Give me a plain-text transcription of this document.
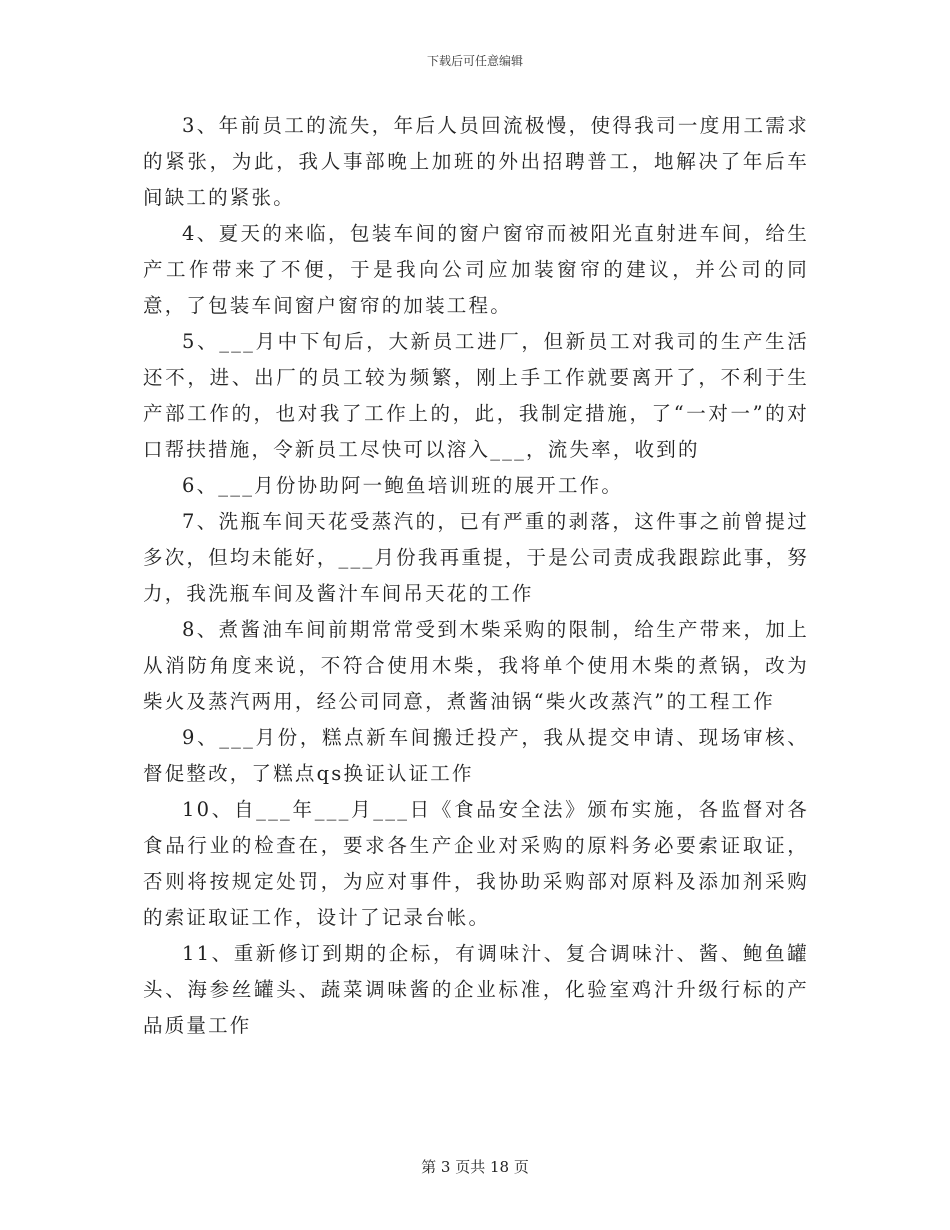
下载后可任意编辑

3、年前员工的流失，年后人员回流极慢，使得我司一度用工需求的紧张，为此，我人事部晚上加班的外出招聘普工，地解决了年后车间缺工的紧张。

4、夏天的来临，包装车间的窗户窗帘而被阳光直射进车间，给生产工作带来了不便，于是我向公司应加装窗帘的建议，并公司的同意，了包装车间窗户窗帘的加装工程。

5、___月中下旬后，大新员工进厂，但新员工对我司的生产生活还不，进、出厂的员工较为频繁，刚上手工作就要离开了，不利于生产部工作的，也对我了工作上的，此，我制定措施，了“一对一”的对口帮扶措施，令新员工尽快可以溶入___，流失率，收到的

6、___月份协助阿一鲍鱼培训班的展开工作。

7、洗瓶车间天花受蒸汽的，已有严重的剥落，这件事之前曾提过多次，但均未能好，___月份我再重提，于是公司责成我跟踪此事，努力，我洗瓶车间及酱汁车间吊天花的工作

8、煮酱油车间前期常常受到木柴采购的限制，给生产带来，加上从消防角度来说，不符合使用木柴，我将单个使用木柴的煮锅，改为柴火及蒸汽两用，经公司同意，煮酱油锅“柴火改蒸汽”的工程工作

9、___月份，糕点新车间搬迁投产，我从提交申请、现场审核、督促整改，了糕点qs换证认证工作

10、自___年___月___日《食品安全法》颁布实施，各监督对各食品行业的检查在，要求各生产企业对采购的原料务必要索证取证，否则将按规定处罚，为应对事件，我协助采购部对原料及添加剂采购的索证取证工作，设计了记录台帐。

11、重新修订到期的企标，有调味汁、复合调味汁、酱、鲍鱼罐头、海参丝罐头、蔬菜调味酱的企业标准，化验室鸡汁升级行标的产品质量工作

第 3 页共 18 页
